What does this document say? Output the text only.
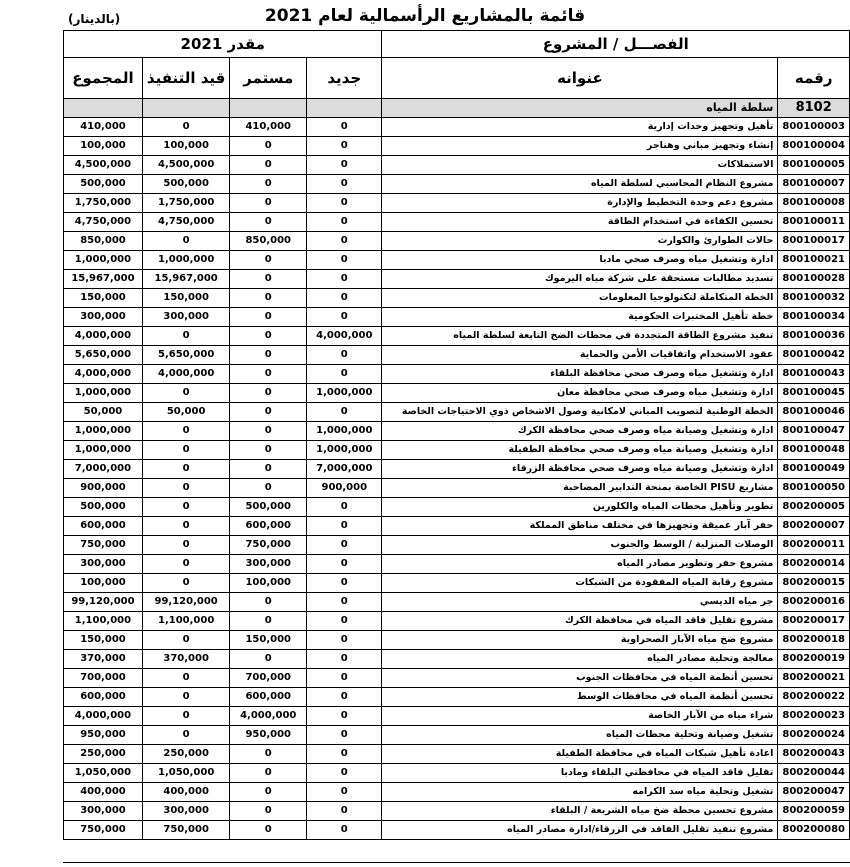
قائمة بالمشاريع الرأسمالية لعام 2021
(بالدينار)
مقدر 2021				الفصـــل / المشروع	
المجموع	قيد التنفيذ	مستمر	جديد	عنوانه	رقمه
				سلطة المياه	8102
410,000	0	410,000	0	تأهيل وتجهيز وحدات إدارية	800100003
100,000	100,000	0	0	إنشاء وتجهيز مباني وهناجر	800100004
4,500,000	4,500,000	0	0	الاستملاكات	800100005
500,000	500,000	0	0	مشروع النظام المحاسبي لسلطة المياه	800100007
1,750,000	1,750,000	0	0	مشروع دعم وحدة التخطيط والإدارة	800100008
4,750,000	4,750,000	0	0	تحسين الكفاءة في استخدام الطاقة	800100011
850,000	0	850,000	0	حالات الطوارئ والكوارث	800100017
1,000,000	1,000,000	0	0	ادارة وتشغيل مياه وصرف صحي مادبا	800100021
15,967,000	15,967,000	0	0	تسديد مطالبات مستحقة على شركة مياه اليرموك	800100028
150,000	150,000	0	0	الخطة المتكاملة لتكنولوجيا المعلومات	800100032
300,000	300,000	0	0	خطة تأهيل المختبرات الحكومية	800100034
4,000,000	0	0	4,000,000	تنفيذ مشروع الطاقة المتجددة في محطات الضخ التابعة لسلطة المياه	800100036
5,650,000	5,650,000	0	0	عقود الاستخدام واتفاقيات الأمن والحماية	800100042
4,000,000	4,000,000	0	0	ادارة وتشغيل مياه وصرف صحي محافظة البلقاء	800100043
1,000,000	0	0	1,000,000	ادارة وتشغيل مياه وصرف صحي محافظة معان	800100045
50,000	50,000	0	0	الخطة الوطنية لتصويب المباني لامكانية وصول الاشخاص ذوي الاحتياجات الخاصة	800100046
1,000,000	0	0	1,000,000	ادارة وتشغيل وصيانة مياه وصرف صحي محافظة الكرك	800100047
1,000,000	0	0	1,000,000	ادارة وتشغيل وصيانة مياه وصرف صحي محافظة الطفيلة	800100048
7,000,000	0	0	7,000,000	ادارة وتشغيل وصيانة مياه وصرف صحي محافظة الزرقاء	800100049
900,000	0	0	900,000	مشاريع PISU الخاصة بمنحة التدابير المصاحبة	800100050
500,000	0	500,000	0	تطوير وتأهيل محطات المياه والكلورين	800200005
600,000	0	600,000	0	حفر آبار عميقة وتجهيزها في مختلف مناطق المملكة	800200007
750,000	0	750,000	0	الوصلات المنزلية / الوسط والجنوب	800200011
300,000	0	300,000	0	مشروع حفر وتطوير مصادر المياه	800200014
100,000	0	100,000	0	مشروع رقابة المياه المفقودة من الشبكات	800200015
99,120,000	99,120,000	0	0	جر مياه الديسي	800200016
1,100,000	1,100,000	0	0	مشروع تقليل فاقد المياه في محافظة الكرك	800200017
150,000	0	150,000	0	مشروع ضخ مياه الآبار الصحراوية	800200018
370,000	370,000	0	0	معالجة وتحلية مصادر المياه	800200019
700,000	0	700,000	0	تحسين أنظمة المياه في محافظات الجنوب	800200021
600,000	0	600,000	0	تحسين أنظمة المياه في محافظات الوسط	800200022
4,000,000	0	4,000,000	0	شراء مياه من الآبار الخاصة	800200023
950,000	0	950,000	0	تشغيل وصيانة وتحلية محطات المياه	800200024
250,000	250,000	0	0	اعادة تأهيل شبكات المياه في محافظة الطفيلة	800200043
1,050,000	1,050,000	0	0	تقليل فاقد المياه في محافظتي البلقاء ومادبا	800200044
400,000	400,000	0	0	تشغيل وتحلية مياه سد الكرامه	800200047
300,000	300,000	0	0	مشروع تحسين محطة ضخ مياه الشريعة / البلقاء	800200059
750,000	750,000	0	0	مشروع تنفيذ تقليل الفاقد في الزرقاء/ادارة مصادر المياه	800200080
